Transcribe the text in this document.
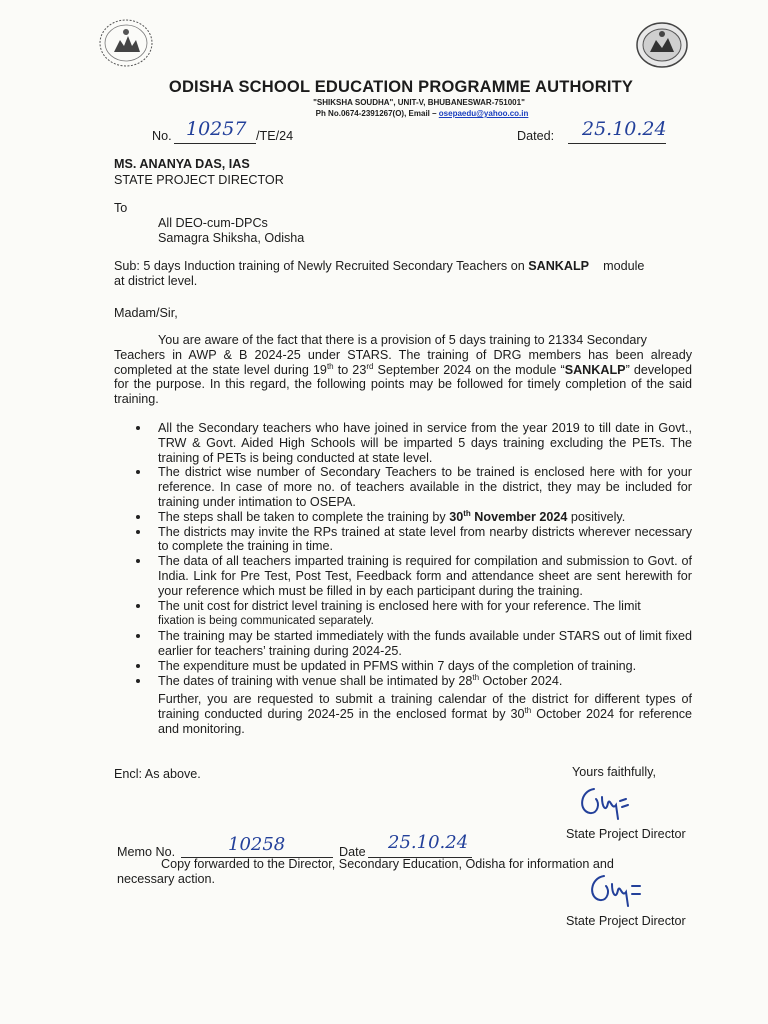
ODISHA SCHOOL EDUCATION PROGRAMME AUTHORITY
"SHIKSHA SOUDHA", UNIT-V, BHUBANESWAR-751001"
Ph No.0674-2391267(O), Email – osepaedu@yahoo.co.in
No. 10257 /TE/24	Dated: 25.10.24
MS. ANANYA DAS, IAS
STATE PROJECT DIRECTOR
To
All DEO-cum-DPCs
Samagra Shiksha, Odisha
Sub: 5 days Induction training of Newly Recruited Secondary Teachers on SANKALP    module
at district level.
Madam/Sir,
You are aware of the fact that there is a provision of 5 days training to 21334 Secondary
Teachers in AWP & B 2024-25 under STARS. The training of DRG members has been already completed at the state level during 19th to 23rd September 2024 on the module “SANKALP” developed for the purpose. In this regard, the following points may be followed for timely completion of the said training.
All the Secondary teachers who have joined in service from the year 2019 to till date in Govt., TRW & Govt. Aided High Schools will be imparted 5 days training excluding the PETs. The training of PETs is being conducted at state level.
The district wise number of Secondary Teachers to be trained is enclosed here with for your reference. In case of more no. of teachers available in the district, they may be included for training under intimation to OSEPA.
The steps shall be taken to complete the training by 30th November 2024 positively.
The districts may invite the RPs trained at state level from nearby districts wherever necessary to complete the training in time.
The data of all teachers imparted training is required for compilation and submission to Govt. of India. Link for Pre Test, Post Test, Feedback form and attendance sheet are sent herewith for your reference which must be filled in by each participant during the training.
The unit cost for district level training is enclosed here with for your reference. The limit
fixation is being communicated separately.
The training may be started immediately with the funds available under STARS out of limit fixed earlier for teachers’ training during 2024-25.
The expenditure must be updated in PFMS within 7 days of the completion of training.
The dates of training with venue shall be intimated by 28th October 2024.
Further, you are requested to submit a training calendar of the district for different types of training conducted during 2024-25 in the enclosed format by 30th October 2024 for reference and monitoring.
Encl: As above.	Yours faithfully,
State Project Director
Memo No.	10258	Date 25.10.24
Copy forwarded to the Director, Secondary Education, Odisha for information and
necessary action.
State Project Director
